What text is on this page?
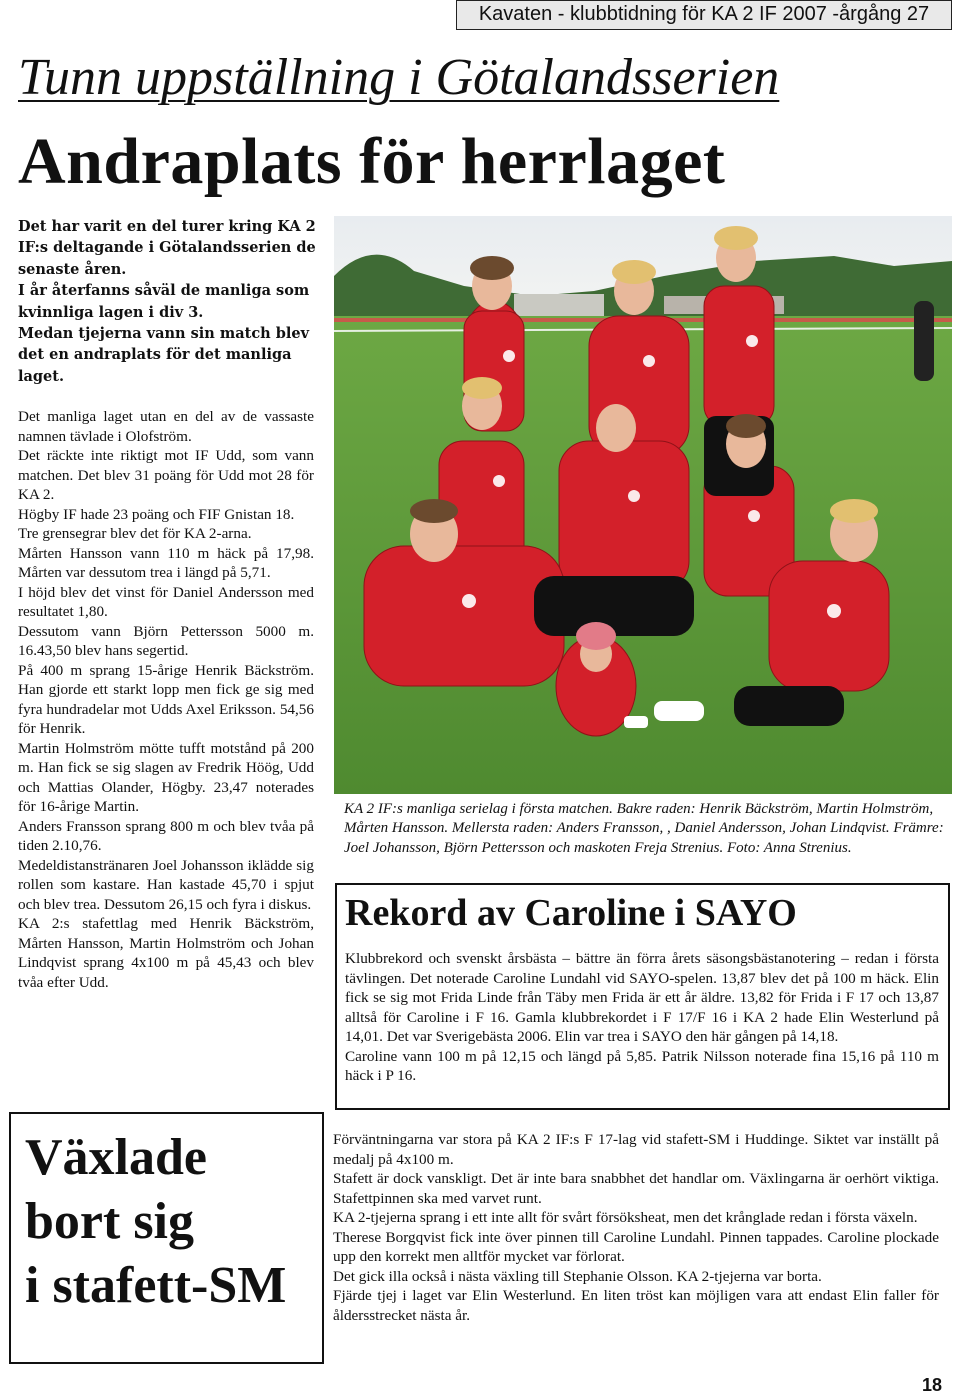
Kavaten - klubbtidning för KA 2 IF 2007 -årgång 27
Tunn uppställning i Götalandsserien
Andraplats för herrlaget

Det har varit en del turer kring KA 2 IF:s deltagande i Götalandsserien de senaste åren.

I år återfanns såväl de manliga som kvinnliga lagen i div 3.

Medan tjejerna vann sin match blev det en andraplats för det manliga laget.

Det manliga laget utan en del av de vassaste namnen tävlade i Olofström.

Det räckte inte riktigt mot IF Udd, som vann matchen. Det blev 31 poäng för Udd mot 28 för KA 2.

Högby IF hade 23 poäng och FIF Gnistan 18.

Tre grensegrar blev det för KA 2-arna.

Mårten Hansson vann 110 m häck på 17,98. Mårten var dessutom trea i längd på 5,71.

I höjd blev det vinst för Daniel Andersson med resultatet 1,80.

Dessutom vann Björn Pettersson 5000 m. 16.43,50 blev hans segertid.

På 400 m sprang 15-årige Henrik Bäckström. Han gjorde ett starkt lopp men fick ge sig med fyra hundradelar mot Udds Axel Eriksson. 54,56 för Henrik.

Martin Holmström mötte tufft motstånd på 200 m. Han fick se sig slagen av Fredrik Höög, Udd och Mattias Olander, Högby. 23,47 noterades för 16-årige Martin.

Anders Fransson sprang 800 m och blev tvåa på tiden 2.10,76.

Medeldistanstränaren Joel Johansson iklädde sig rollen som kastare. Han kastade 45,70 i spjut och blev trea. Dessutom 26,15 och fyra i diskus.

KA 2:s stafettlag med Henrik Bäckström, Mårten Hansson, Martin Holmström och Johan Lindqvist sprang 4x100 m på 45,43 och blev tvåa efter Udd.

KA 2 IF:s manliga serielag i första matchen. Bakre raden: Henrik Bäckström, Martin Holmström, Mårten Hansson. Mellersta raden: Anders Fransson, , Daniel Andersson, Johan Lindqvist. Främre: Joel Johansson, Björn Pettersson och maskoten Freja Strenius. Foto: Anna Strenius.
Rekord av Caroline i SAYO

Klubbrekord och svenskt årsbästa – bättre än förra årets säsongsbästanotering – redan i första tävlingen. Det noterade Caroline Lundahl vid SAYO-spelen. 13,87 blev det på 100 m häck. Elin fick se sig mot Frida Linde från Täby men Frida är ett år äldre. 13,82 för Frida i F 17 och 13,87 alltså för Caroline i F 16. Gamla klubbrekordet i F 17/F 16 i KA 2 hade Elin Westerlund på 14,01. Det var Sverigebästa 2006. Elin var trea i SAYO den här gången på 14,18.

Caroline vann 100 m på 12,15 och längd på 5,85. Patrik Nilsson noterade fina 15,16 på 110 m häck i P 16.

Växlade
bort sig
i stafett-SM

Förväntningarna var stora på KA 2 IF:s F 17-lag vid stafett-SM i Huddinge. Siktet var inställt på medalj på 4x100 m.

Stafett är dock vanskligt. Det är inte bara snabbhet det handlar om. Växlingarna är oerhört viktiga. Stafettpinnen ska med varvet runt.

KA 2-tjejerna sprang i ett inte allt för svårt försöksheat, men det krånglade redan i första växeln.

Therese Borgqvist fick inte över pinnen till Caroline Lundahl. Pinnen tappades. Caroline plockade upp den korrekt men alltför mycket var förlorat.

Det gick illa också i nästa växling till Stephanie Olsson. KA 2-tjejerna var borta.

Fjärde tjej i laget var Elin Westerlund. En liten tröst kan möjligen vara att endast Elin faller för åldersstrecket nästa år.

18
